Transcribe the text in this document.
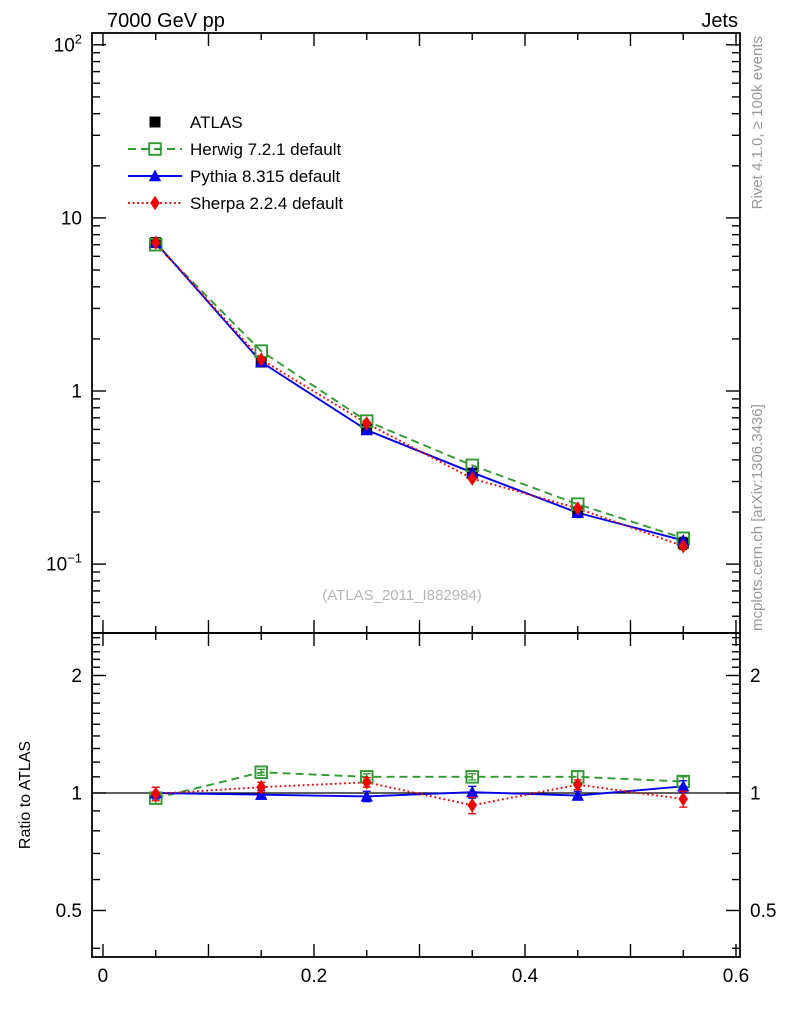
0	0.2	0.4	0.6
$10^2$
10
1
$10^{-1}$
2	2
1	1
0.5	0.5
ATLAS
Herwig 7.2.1 default
Pythia 8.315 default
Sherpa 2.2.4 default
7000 GeV pp	Jets
Rivet 4.1.0, ≥ 100k events
mcplots.cern.ch [arXiv:1306.3436]
(ATLAS_2011_I882984)
Ratio to ATLAS
